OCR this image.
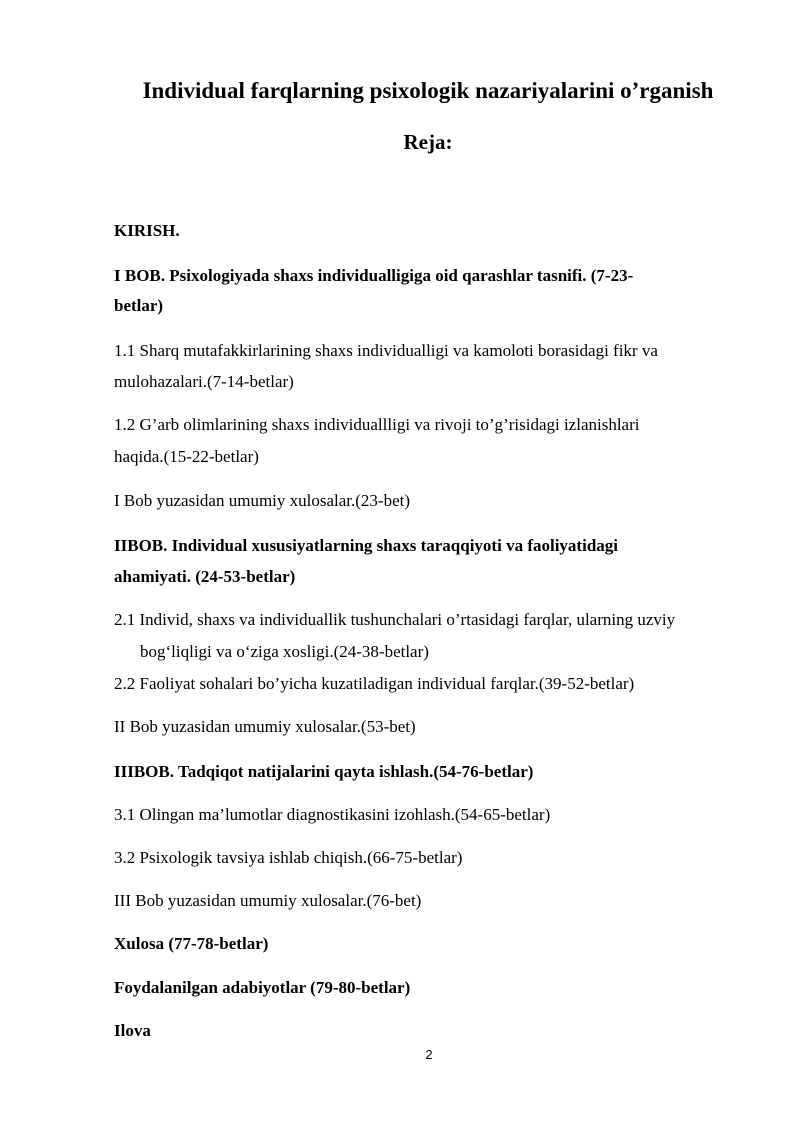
Individual farqlarning psixologik nazariyalarini o’rganish
Reja:
KIRISH.
I BOB. Psixologiyada shaxs individualligiga oid qarashlar tasnifi. (7-23-
betlar)
1.1 Sharq mutafakkirlarining shaxs individualligi va kamoloti borasidagi fikr va
mulohazalari.(7-14-betlar)
1.2 G’arb olimlarining shaxs individuallligi va rivoji to’g’risidagi izlanishlari
haqida.(15-22-betlar)
I Bob yuzasidan umumiy xulosalar.(23-bet)
IIBOB. Individual xususiyatlarning shaxs taraqqiyoti va faoliyatidagi
ahamiyati. (24-53-betlar)
2.1 Individ, shaxs va individuallik tushunchalari o’rtasidagi farqlar, ularning uzviy
bog‘liqligi va o‘ziga xosligi.(24-38-betlar)
2.2 Faoliyat sohalari bo’yicha kuzatiladigan individual farqlar.(39-52-betlar)
II Bob yuzasidan umumiy xulosalar.(53-bet)
IIIBOB. Tadqiqot natijalarini qayta ishlash.(54-76-betlar)
3.1 Olingan ma’lumotlar diagnostikasini izohlash.(54-65-betlar)
3.2 Psixologik tavsiya ishlab chiqish.(66-75-betlar)
III Bob yuzasidan umumiy xulosalar.(76-bet)
Xulosa (77-78-betlar)
Foydalanilgan adabiyotlar (79-80-betlar)
Ilova
2
